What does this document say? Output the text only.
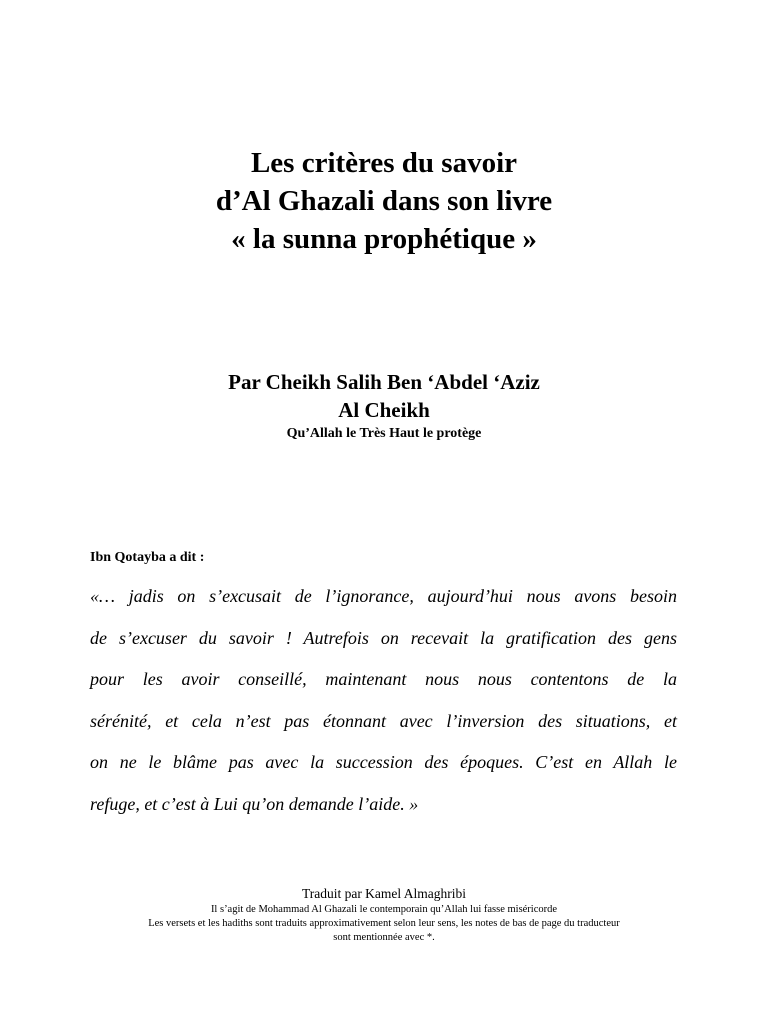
Les critères du savoir
d’Al Ghazali dans son livre
« la sunna prophétique »
Par Cheikh Salih Ben ‘Abdel ‘Aziz
Al Cheikh
Qu’Allah le Très Haut le protège
Ibn Qotayba a dit :
«… jadis on s’excusait de l’ignorance, aujourd’hui nous avons besoin
de s’excuser du savoir ! Autrefois on recevait la gratification des gens
pour les avoir conseillé, maintenant nous nous contentons de la
sérénité, et cela n’est pas étonnant avec l’inversion des situations, et
on ne le blâme pas avec la succession des époques. C’est en Allah le
refuge, et c’est à Lui qu’on demande l’aide. »
Traduit par Kamel Almaghribi
Il s’agit de Mohammad Al Ghazali le contemporain qu’Allah lui fasse miséricorde
Les versets et les hadiths sont traduits approximativement selon leur sens, les notes de bas de page du traducteur
sont mentionnée avec *.
